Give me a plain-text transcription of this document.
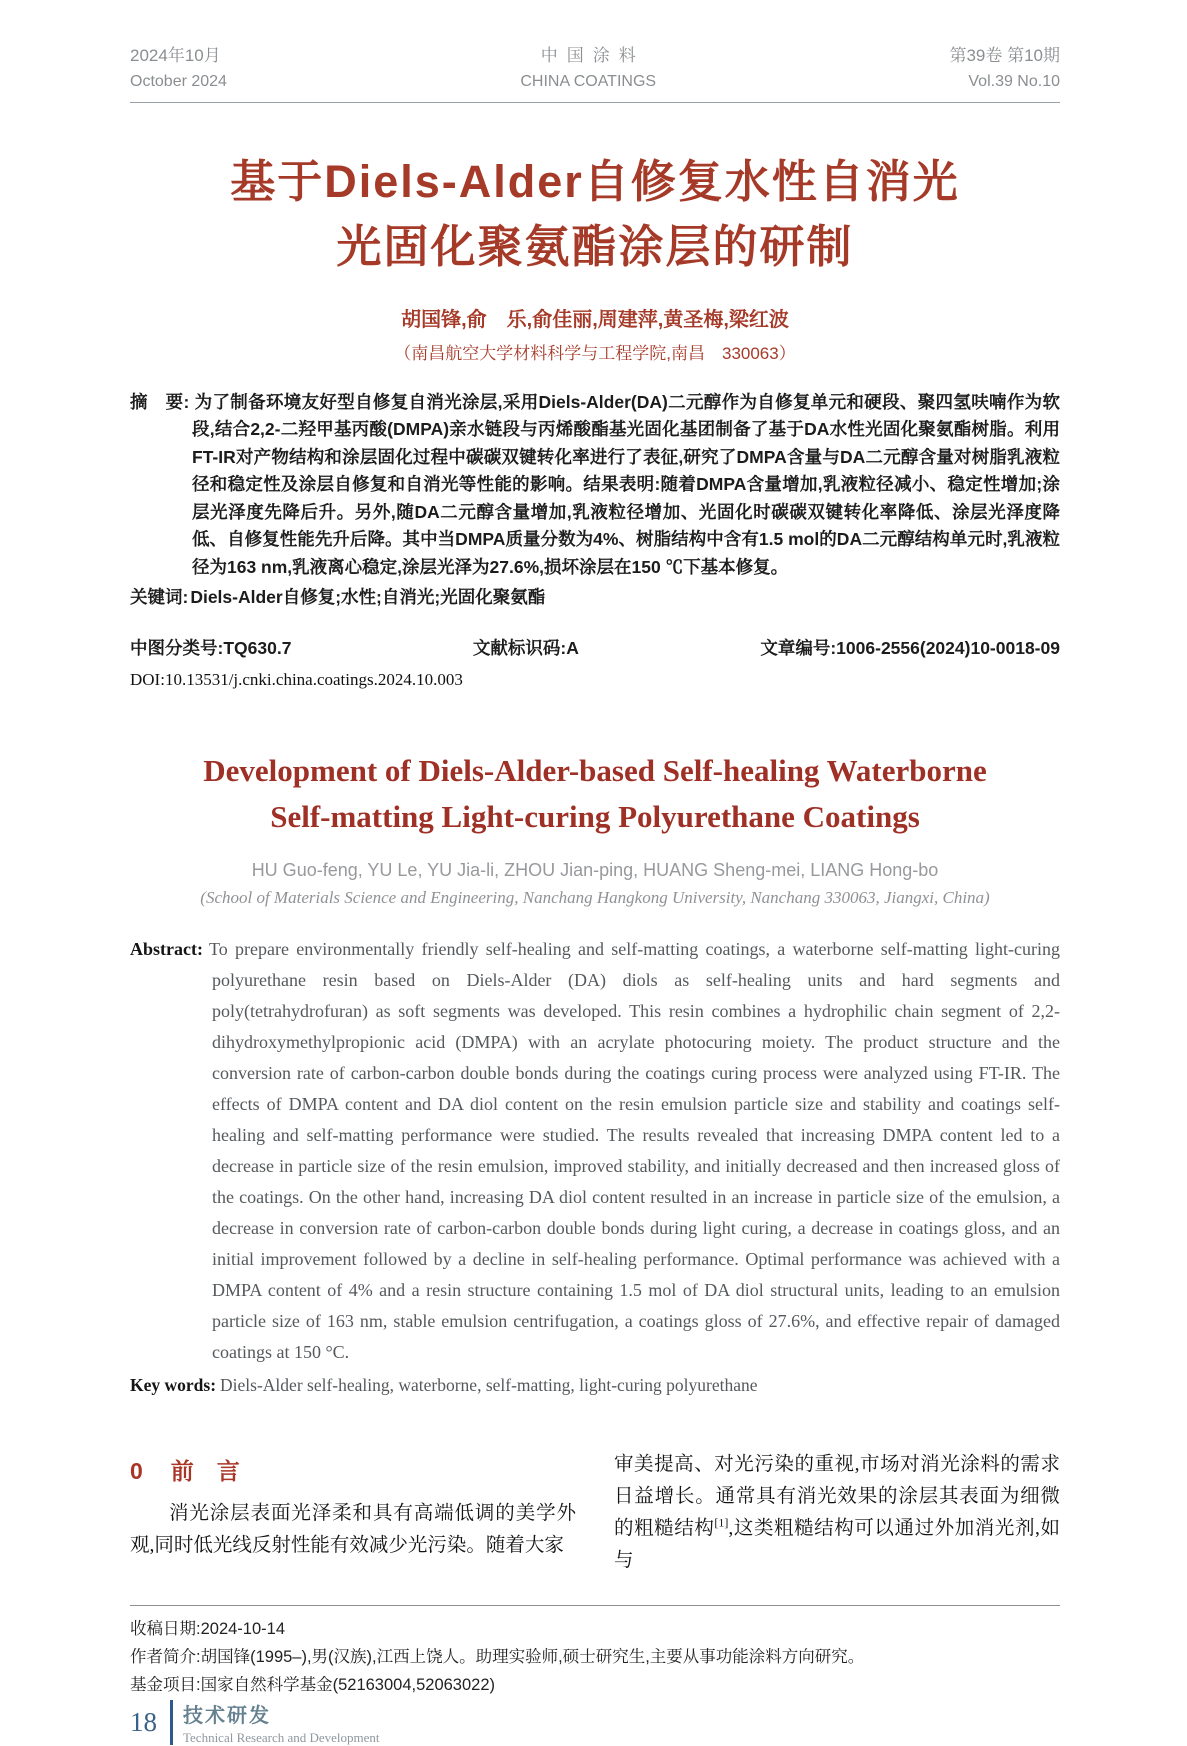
2024年10月
October 2024
中国涂料
CHINA COATINGS
第39卷 第10期
Vol.39 No.10
基于Diels-Alder自修复水性自消光
光固化聚氨酯涂层的研制
胡国锋,俞　乐,俞佳丽,周建萍,黄圣梅,梁红波
（南昌航空大学材料科学与工程学院,南昌　330063）

摘　要: 为了制备环境友好型自修复自消光涂层,采用Diels-Alder(DA)二元醇作为自修复单元和硬段、聚四氢呋喃作为软段,结合2,2-二羟甲基丙酸(DMPA)亲水链段与丙烯酸酯基光固化基团制备了基于DA水性光固化聚氨酯树脂。利用FT-IR对产物结构和涂层固化过程中碳碳双键转化率进行了表征,研究了DMPA含量与DA二元醇含量对树脂乳液粒径和稳定性及涂层自修复和自消光等性能的影响。结果表明:随着DMPA含量增加,乳液粒径减小、稳定性增加;涂层光泽度先降后升。另外,随DA二元醇含量增加,乳液粒径增加、光固化时碳碳双键转化率降低、涂层光泽度降低、自修复性能先升后降。其中当DMPA质量分数为4%、树脂结构中含有1.5 mol的DA二元醇结构单元时,乳液粒径为163 nm,乳液离心稳定,涂层光泽为27.6%,损坏涂层在150 ℃下基本修复。

关键词: Diels-Alder自修复;水性;自消光;光固化聚氨酯

中图分类号:TQ630.7	文献标识码:A	文章编号:1006-2556(2024)10-0018-09
DOI:10.13531/j.cnki.china.coatings.2024.10.003
Development of Diels-Alder-based Self-healing Waterborne
Self-matting Light-curing Polyurethane Coatings
HU Guo-feng, YU Le, YU Jia-li, ZHOU Jian-ping, HUANG Sheng-mei, LIANG Hong-bo
(School of Materials Science and Engineering, Nanchang Hangkong University, Nanchang 330063, Jiangxi, China)

Abstract: To prepare environmentally friendly self-healing and self-matting coatings, a waterborne self-matting light-curing polyurethane resin based on Diels-Alder (DA) diols as self-healing units and hard segments and poly(tetrahydrofuran) as soft segments was developed. This resin combines a hydrophilic chain segment of 2,2-dihydroxymethylpropionic acid (DMPA) with an acrylate photocuring moiety. The product structure and the conversion rate of carbon-carbon double bonds during the coatings curing process were analyzed using FT-IR. The effects of DMPA content and DA diol content on the resin emulsion particle size and stability and coatings self-healing and self-matting performance were studied. The results revealed that increasing DMPA content led to a decrease in particle size of the resin emulsion, improved stability, and initially decreased and then increased gloss of the coatings. On the other hand, increasing DA diol content resulted in an increase in particle size of the emulsion, a decrease in conversion rate of carbon-carbon double bonds during light curing, a decrease in coatings gloss, and an initial improvement followed by a decline in self-healing performance. Optimal performance was achieved with a DMPA content of 4% and a resin structure containing 1.5 mol of DA diol structural units, leading to an emulsion particle size of 163 nm, stable emulsion centrifugation, a coatings gloss of 27.6%, and effective repair of damaged coatings at 150 °C.

Key words: Diels-Alder self-healing, waterborne, self-matting, light-curing polyurethane

0 前　言

消光涂层表面光泽柔和具有高端低调的美学外观,同时低光线反射性能有效减少光污染。随着大家

审美提高、对光污染的重视,市场对消光涂料的需求日益增长。通常具有消光效果的涂层其表面为细微的粗糙结构[1],这类粗糙结构可以通过外加消光剂,如与

收稿日期:2024-10-14
作者简介:胡国锋(1995–),男(汉族),江西上饶人。助理实验师,硕士研究生,主要从事功能涂料方向研究。
基金项目:国家自然科学基金(52163004,52063022)
18 技术研发
Technical Research and Development
